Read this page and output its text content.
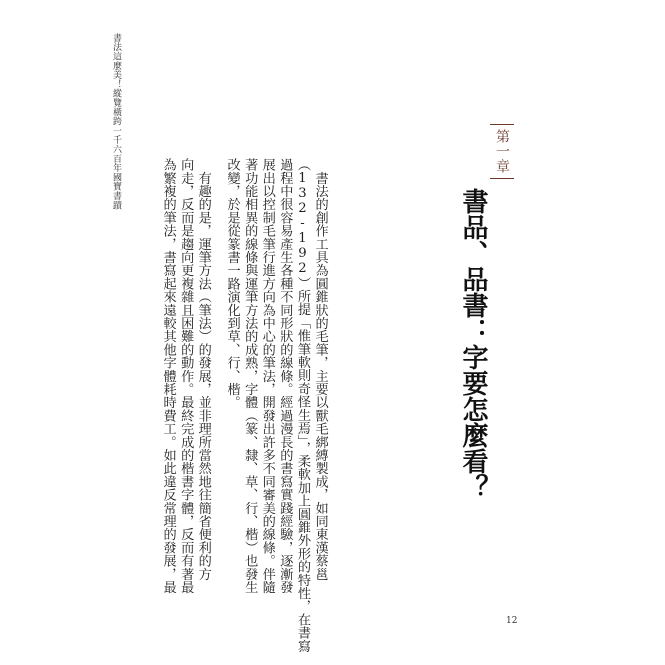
書法這麼美！縱覽橫跨一千六百年國寶書蹟	第一章
書品、品書：字要怎麼看？
　書法的創作工具為圓錐狀的毛筆，主要以獸毛綁縛製成，如同東漢蔡邕
（132-192）所提「惟筆軟則奇怪生焉」，柔軟加上圓錐外形的特性，在書寫
過程中很容易產生各種不同形狀的線條。經過漫長的書寫實踐經驗，逐漸發
展出以控制毛筆行進方向為中心的筆法，開發出許多不同審美的線條。伴隨
著功能相異的線條與運筆方法的成熟，字體（篆、隸、草、行、楷）也發生
改變，於是從篆書一路演化到草、行、楷。
　有趣的是，運筆方法（筆法）的發展，並非理所當然地往簡省便利的方
向走，反而是趨向更複雜且困難的動作。最終完成的楷書字體，反而有著最
為繁複的筆法，書寫起來遠較其他字體耗時費工。如此違反常理的發展，最

12
